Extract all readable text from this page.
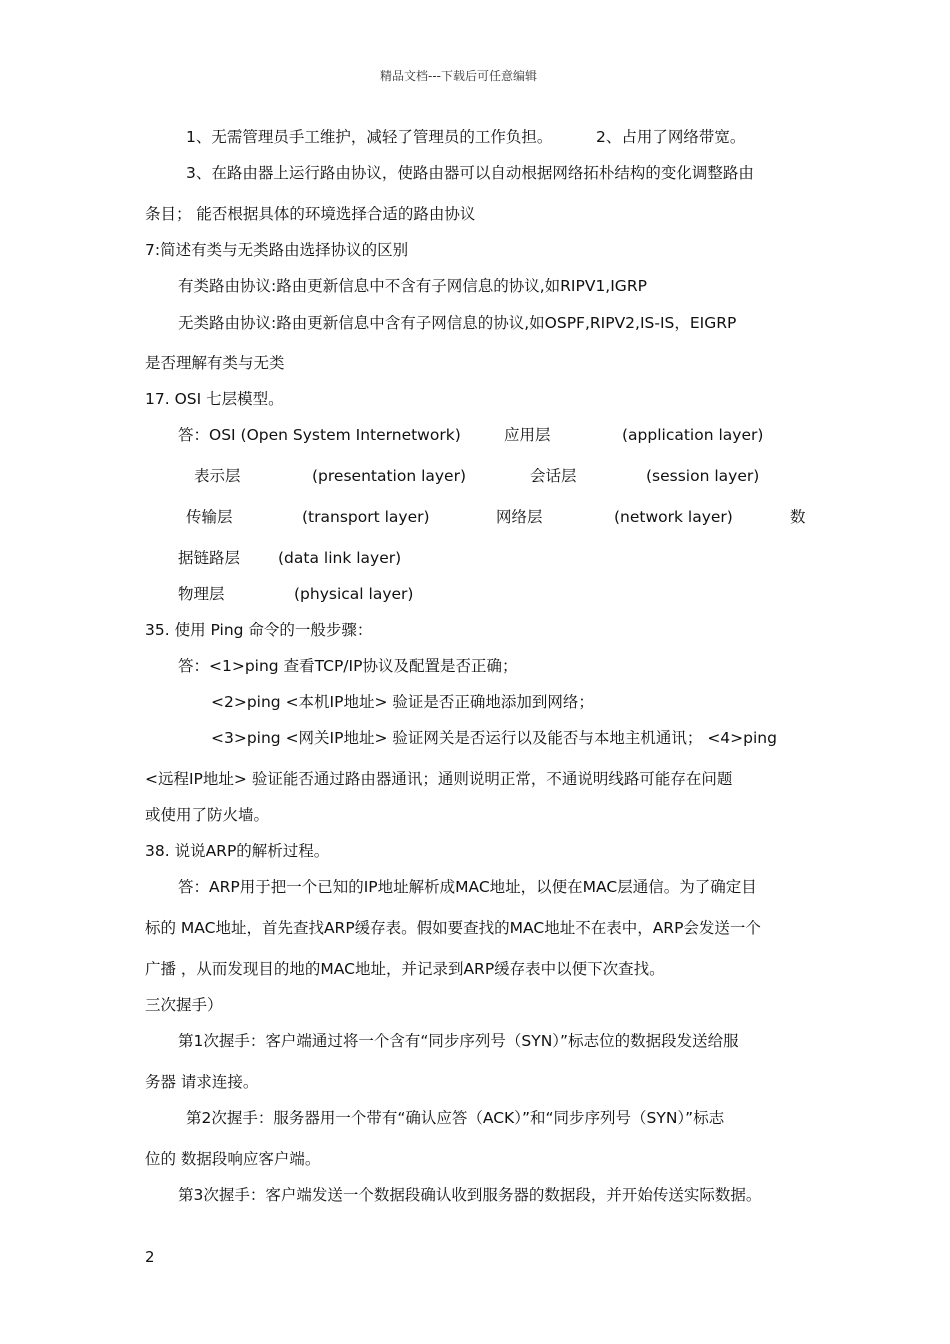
精品文档---下载后可任意编辑
1、无需管理员手工维护，减轻了管理员的工作负担。	2、占用了网络带宽。
3、在路由器上运行路由协议，使路由器可以自动根据网络拓朴结构的变化调整路由
条目； 能否根据具体的环境选择合适的路由协议
7:简述有类与无类路由选择协议的区别
有类路由协议:路由更新信息中不含有子网信息的协议,如RIPV1,IGRP
无类路由协议:路由更新信息中含有子网信息的协议,如OSPF,RIPV2,IS-IS，EIGRP
是否理解有类与无类
17. OSI 七层模型。
答：OSI (Open System Internetwork)	应用层	(application layer)
表示层	(presentation layer)	会话层	(session layer)
传输层	(transport layer)	网络层	(network layer)	数
据链路层 (data link layer)
物理层	(physical layer)
35. 使用 Ping 命令的一般步骤：
答：<1>ping 查看TCP/IP协议及配置是否正确；
<2>ping <本机IP地址> 验证是否正确地添加到网络；
<3>ping <网关IP地址> 验证网关是否运行以及能否与本地主机通讯； <4>ping
<远程IP地址> 验证能否通过路由器通讯；通则说明正常，不通说明线路可能存在问题
或使用了防火墙。
38. 说说ARP的解析过程。
答：ARP用于把一个已知的IP地址解析成MAC地址，以便在MAC层通信。为了确定目
标的 MAC地址，首先查找ARP缓存表。假如要查找的MAC地址不在表中，ARP会发送一个
广播 ，从而发现目的地的MAC地址，并记录到ARP缓存表中以便下次查找。
三次握手）
第1次握手：客户端通过将一个含有“同步序列号（SYN）”标志位的数据段发送给服
务器 请求连接。
第2次握手：服务器用一个带有“确认应答（ACK）”和“同步序列号（SYN）”标志
位的 数据段响应客户端。
第3次握手：客户端发送一个数据段确认收到服务器的数据段，并开始传送实际数据。
2
